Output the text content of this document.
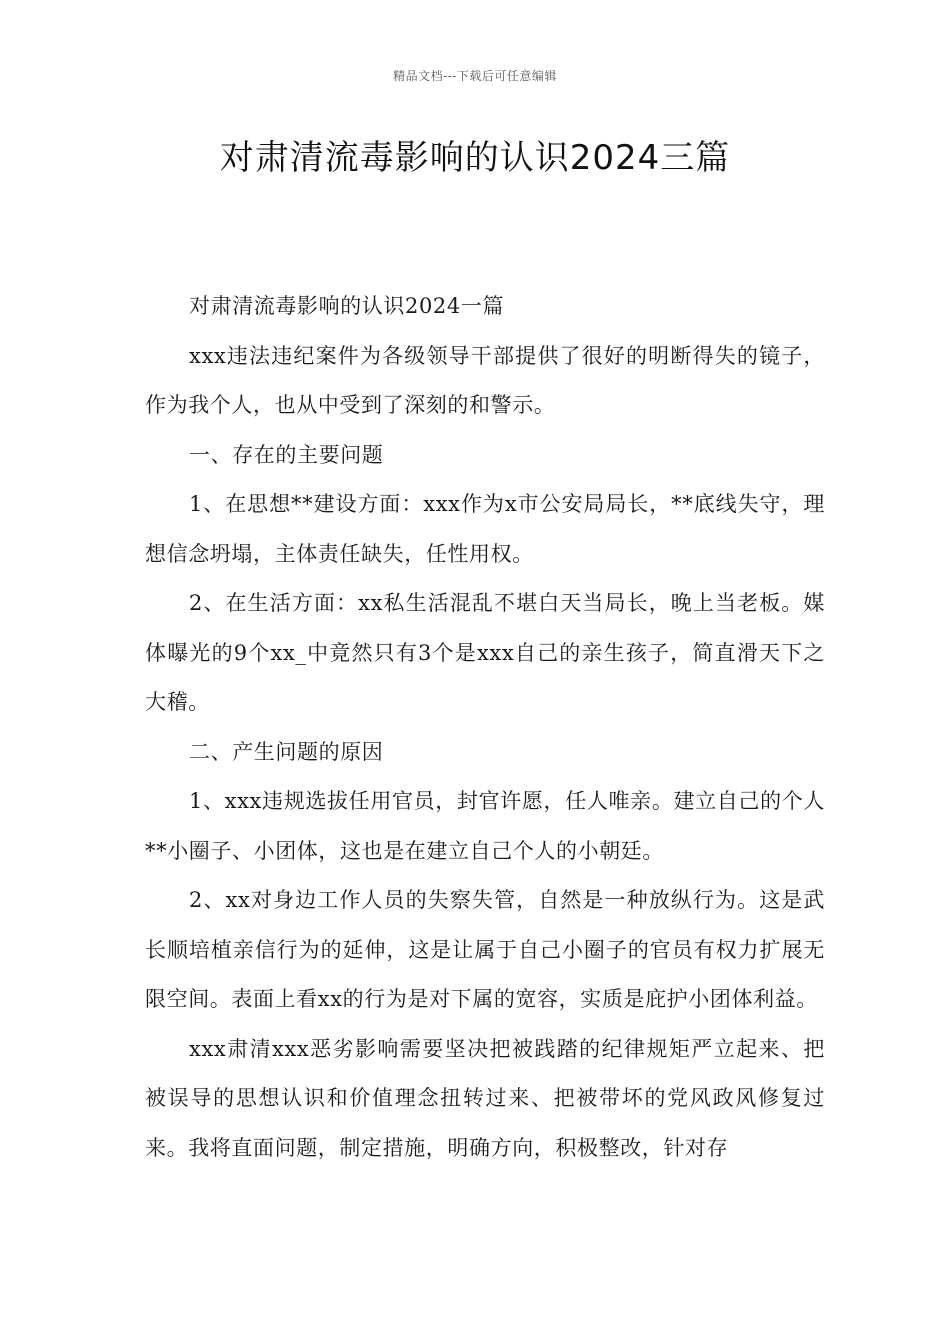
精品文档---下载后可任意编辑
对肃清流毒影响的认识2024三篇

对肃清流毒影响的认识2024一篇

xxx违法违纪案件为各级领导干部提供了很好的明断得失的镜子，作为我个人，也从中受到了深刻的和警示。

一、存在的主要问题

1、在思想**建设方面：xxx作为x市公安局局长，**底线失守，理想信念坍塌，主体责任缺失，任性用权。

2、在生活方面：xx私生活混乱不堪白天当局长，晚上当老板。媒体曝光的9个xx_中竟然只有3个是xxx自己的亲生孩子，简直滑天下之大稽。

二、产生问题的原因

1、xxx违规选拔任用官员，封官许愿，任人唯亲。建立自己的个人**小圈子、小团体，这也是在建立自己个人的小朝廷。

2、xx对身边工作人员的失察失管，自然是一种放纵行为。这是武长顺培植亲信行为的延伸，这是让属于自己小圈子的官员有权力扩展无限空间。表面上看xx的行为是对下属的宽容，实质是庇护小团体利益。

xxx肃清xxx恶劣影响需要坚决把被践踏的纪律规矩严立起来、把被误导的思想认识和价值理念扭转过来、把被带坏的党风政风修复过来。我将直面问题，制定措施，明确方向，积极整改，针对存
